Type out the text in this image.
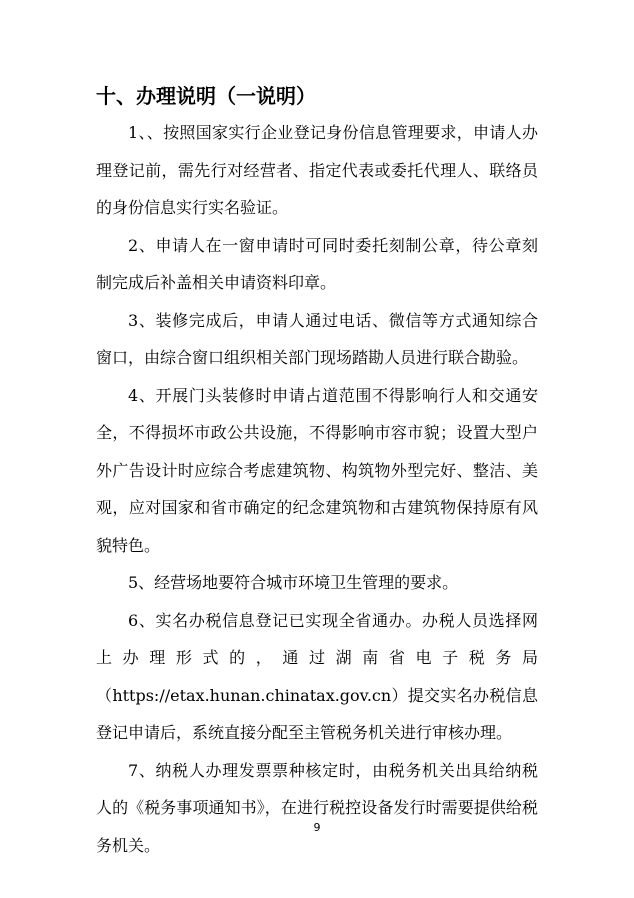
十、办理说明（一说明）

1、、按照国家实行企业登记身份信息管理要求，申请人办理登记前，需先行对经营者、指定代表或委托代理人、联络员的身份信息实行实名验证。

2、申请人在一窗申请时可同时委托刻制公章，待公章刻制完成后补盖相关申请资料印章。

3、装修完成后，申请人通过电话、微信等方式通知综合窗口，由综合窗口组织相关部门现场踏勘人员进行联合勘验。

4、开展门头装修时申请占道范围不得影响行人和交通安全，不得损坏市政公共设施，不得影响市容市貌；设置大型户外广告设计时应综合考虑建筑物、构筑物外型完好、整洁、美观，应对国家和省市确定的纪念建筑物和古建筑物保持原有风貌特色。

5、经营场地要符合城市环境卫生管理的要求。

6、实名办税信息登记已实现全省通办。办税人员选择网上办理形式的，通过湖南省电子税务局（https://etax.hunan.chinatax.gov.cn）提交实名办税信息登记申请后，系统直接分配至主管税务机关进行审核办理。

7、纳税人办理发票票种核定时，由税务机关出具给纳税人的《税务事项通知书》，在进行税控设备发行时需要提供给税务机关。

9
